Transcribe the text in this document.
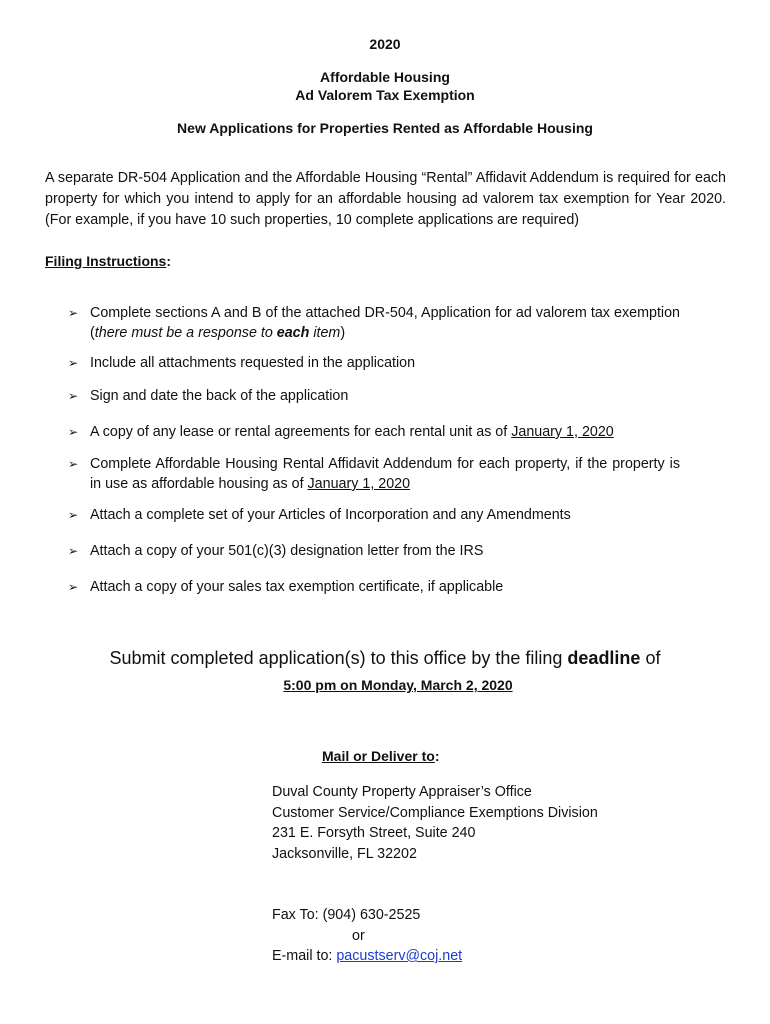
2020
Affordable Housing
Ad Valorem Tax Exemption
New Applications for Properties Rented as Affordable Housing
A separate DR-504 Application and the Affordable Housing “Rental” Affidavit Addendum is required for each property for which you intend to apply for an affordable housing ad valorem tax exemption for Year 2020. (For example, if you have 10 such properties, 10 complete applications are required)
Filing Instructions:
➢ Complete sections A and B of the attached DR-504, Application for ad valorem tax exemption (there must be a response to each item)
➢ Include all attachments requested in the application
➢ Sign and date the back of the application
➢ A copy of any lease or rental agreements for each rental unit as of January 1, 2020
➢ Complete Affordable Housing Rental Affidavit Addendum for each property, if the property is in use as affordable housing as of January 1, 2020
➢ Attach a complete set of your Articles of Incorporation and any Amendments
➢ Attach a copy of your 501(c)(3) designation letter from the IRS
➢ Attach a copy of your sales tax exemption certificate, if applicable
Submit completed application(s) to this office by the filing deadline of
5:00 pm on Monday, March 2, 2020
Mail or Deliver to:
Duval County Property Appraiser’s Office
Customer Service/Compliance Exemptions Division
231 E. Forsyth Street, Suite 240
Jacksonville, FL 32202
Fax To: (904) 630-2525
or
E-mail to: pacustserv@coj.net
